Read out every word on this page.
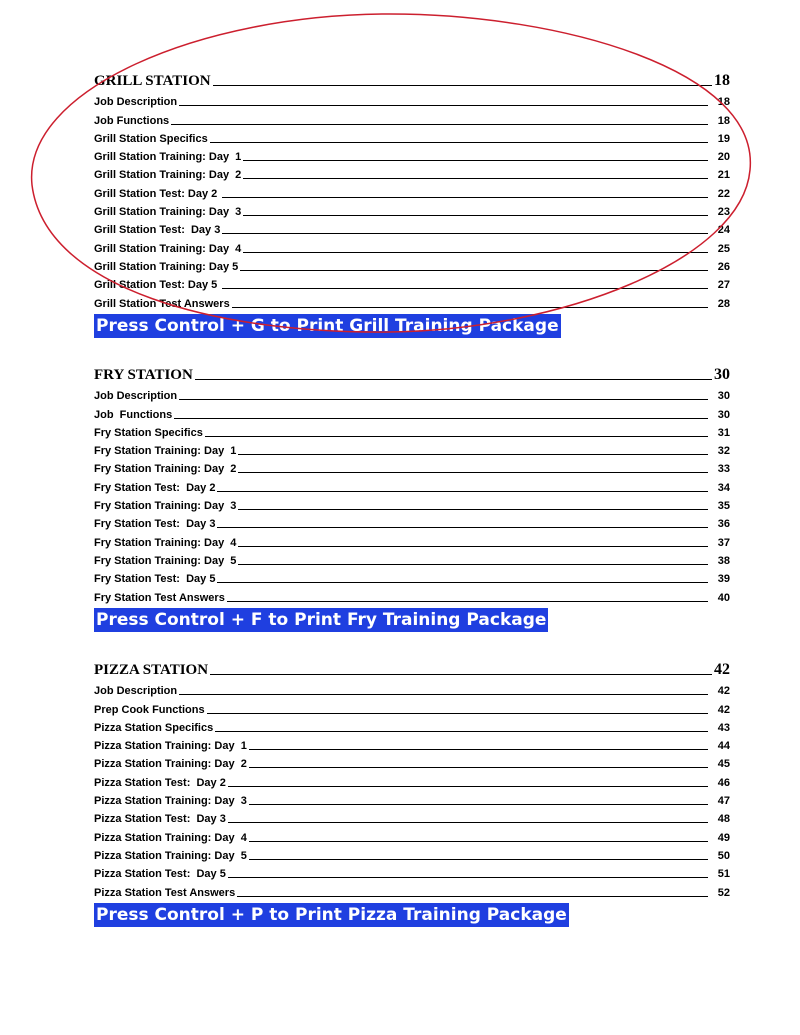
GRILL STATION	18
Job Description	18
Job Functions	18
Grill Station Specifics	19
Grill Station Training: Day  1	20
Grill Station Training: Day  2	21
Grill Station Test: Day 2	22
Grill Station Training: Day  3	23
Grill Station Test:  Day 3	24
Grill Station Training: Day  4	25
Grill Station Training: Day 5	26
Grill Station Test: Day 5	27
Grill Station Test Answers	28
Press Control + G to Print Grill Training Package
FRY STATION	30
Job Description	30
Job  Functions	30
Fry Station Specifics	31
Fry Station Training: Day  1	32
Fry Station Training: Day  2	33
Fry Station Test:  Day 2	34
Fry Station Training: Day  3	35
Fry Station Test:  Day 3	36
Fry Station Training: Day  4	37
Fry Station Training: Day  5	38
Fry Station Test:  Day 5	39
Fry Station Test Answers	40
Press Control + F to Print Fry Training Package
PIZZA STATION	42
Job Description	42
Prep Cook Functions	42
Pizza Station Specifics	43
Pizza Station Training: Day  1	44
Pizza Station Training: Day  2	45
Pizza Station Test:  Day 2	46
Pizza Station Training: Day  3	47
Pizza Station Test:  Day 3	48
Pizza Station Training: Day  4	49
Pizza Station Training: Day  5	50
Pizza Station Test:  Day 5	51
Pizza Station Test Answers	52
Press Control + P to Print Pizza Training Package
